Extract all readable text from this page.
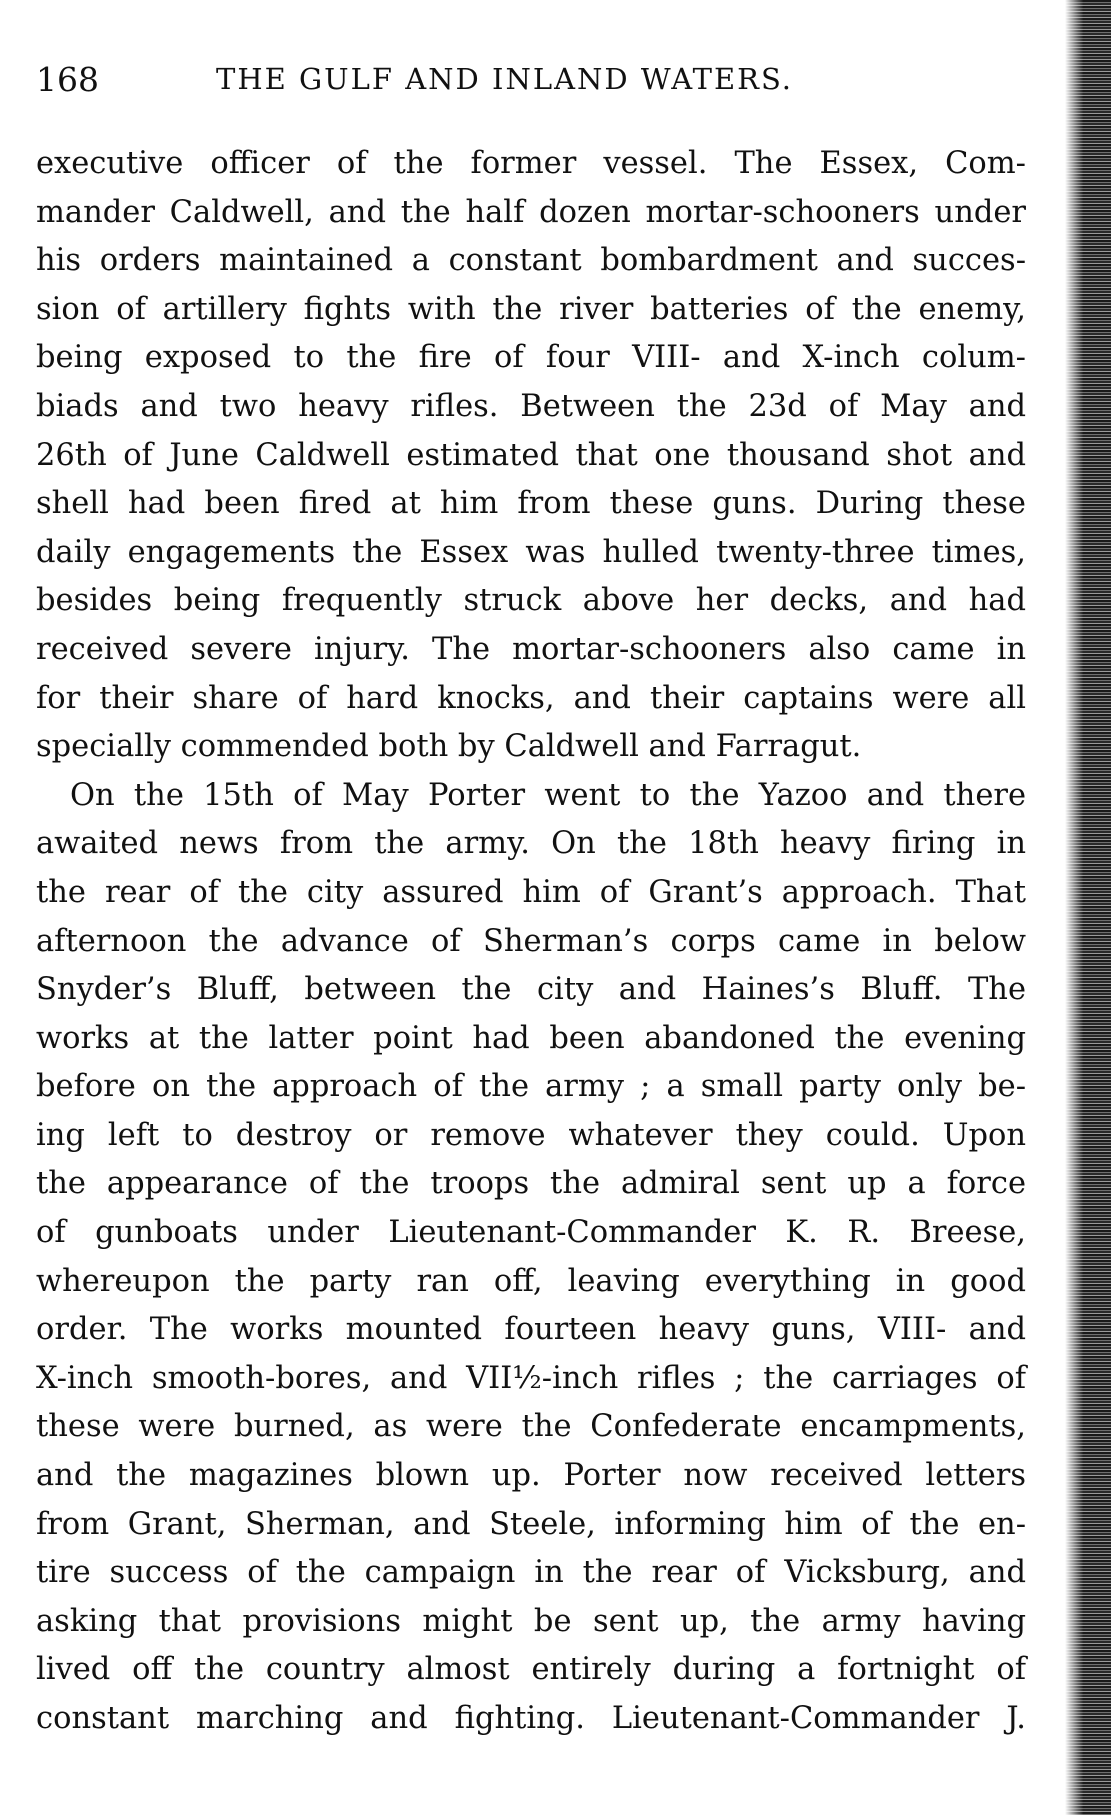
168	THE GULF AND INLAND WATERS.
executive officer of the former vessel. The Essex, Com-
mander Caldwell, and the half dozen mortar-schooners under
his orders maintained a constant bombardment and succes-
sion of artillery fights with the river batteries of the enemy,
being exposed to the fire of four VIII- and X-inch colum-
biads and two heavy rifles. Between the 23d of May and
26th of June Caldwell estimated that one thousand shot and
shell had been fired at him from these guns. During these
daily engagements the Essex was hulled twenty-three times,
besides being frequently struck above her decks, and had
received severe injury. The mortar-schooners also came in
for their share of hard knocks, and their captains were all
specially commended both by Caldwell and Farragut.
On the 15th of May Porter went to the Yazoo and there
awaited news from the army. On the 18th heavy firing in
the rear of the city assured him of Grant’s approach. That
afternoon the advance of Sherman’s corps came in below
Snyder’s Bluff, between the city and Haines’s Bluff. The
works at the latter point had been abandoned the evening
before on the approach of the army ; a small party only be-
ing left to destroy or remove whatever they could. Upon
the appearance of the troops the admiral sent up a force
of gunboats under Lieutenant-Commander K. R. Breese,
whereupon the party ran off, leaving everything in good
order. The works mounted fourteen heavy guns, VIII- and
X-inch smooth-bores, and VII½-inch rifles ; the carriages of
these were burned, as were the Confederate encampments,
and the magazines blown up. Porter now received letters
from Grant, Sherman, and Steele, informing him of the en-
tire success of the campaign in the rear of Vicksburg, and
asking that provisions might be sent up, the army having
lived off the country almost entirely during a fortnight of
constant marching and fighting. Lieutenant-Commander J.
